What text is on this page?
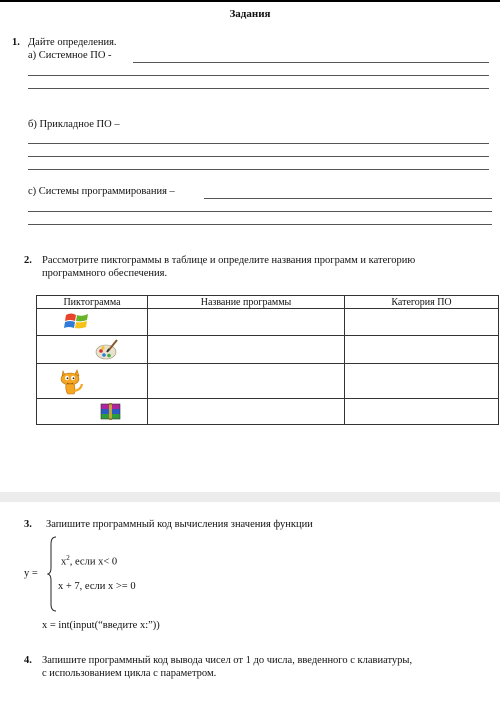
Задания
1. Дайте определения.
а) Системное ПО -
б) Прикладное ПО –
с) Системы программирования –
2. Рассмотрите пиктограммы в таблице и определите названия программ и категорию
программного обеспечения.
Пиктограмма	Название программы	Категория ПО

3. Запишите программный код вычисления значения функции
y =
$x^2$, если x< 0
x + 7, если x >= 0
x = int(input(“введите x:”))
4. Запишите программный код вывода чисел от 1 до числа, введенного с клавиатуры,
с использованием цикла с параметром.
